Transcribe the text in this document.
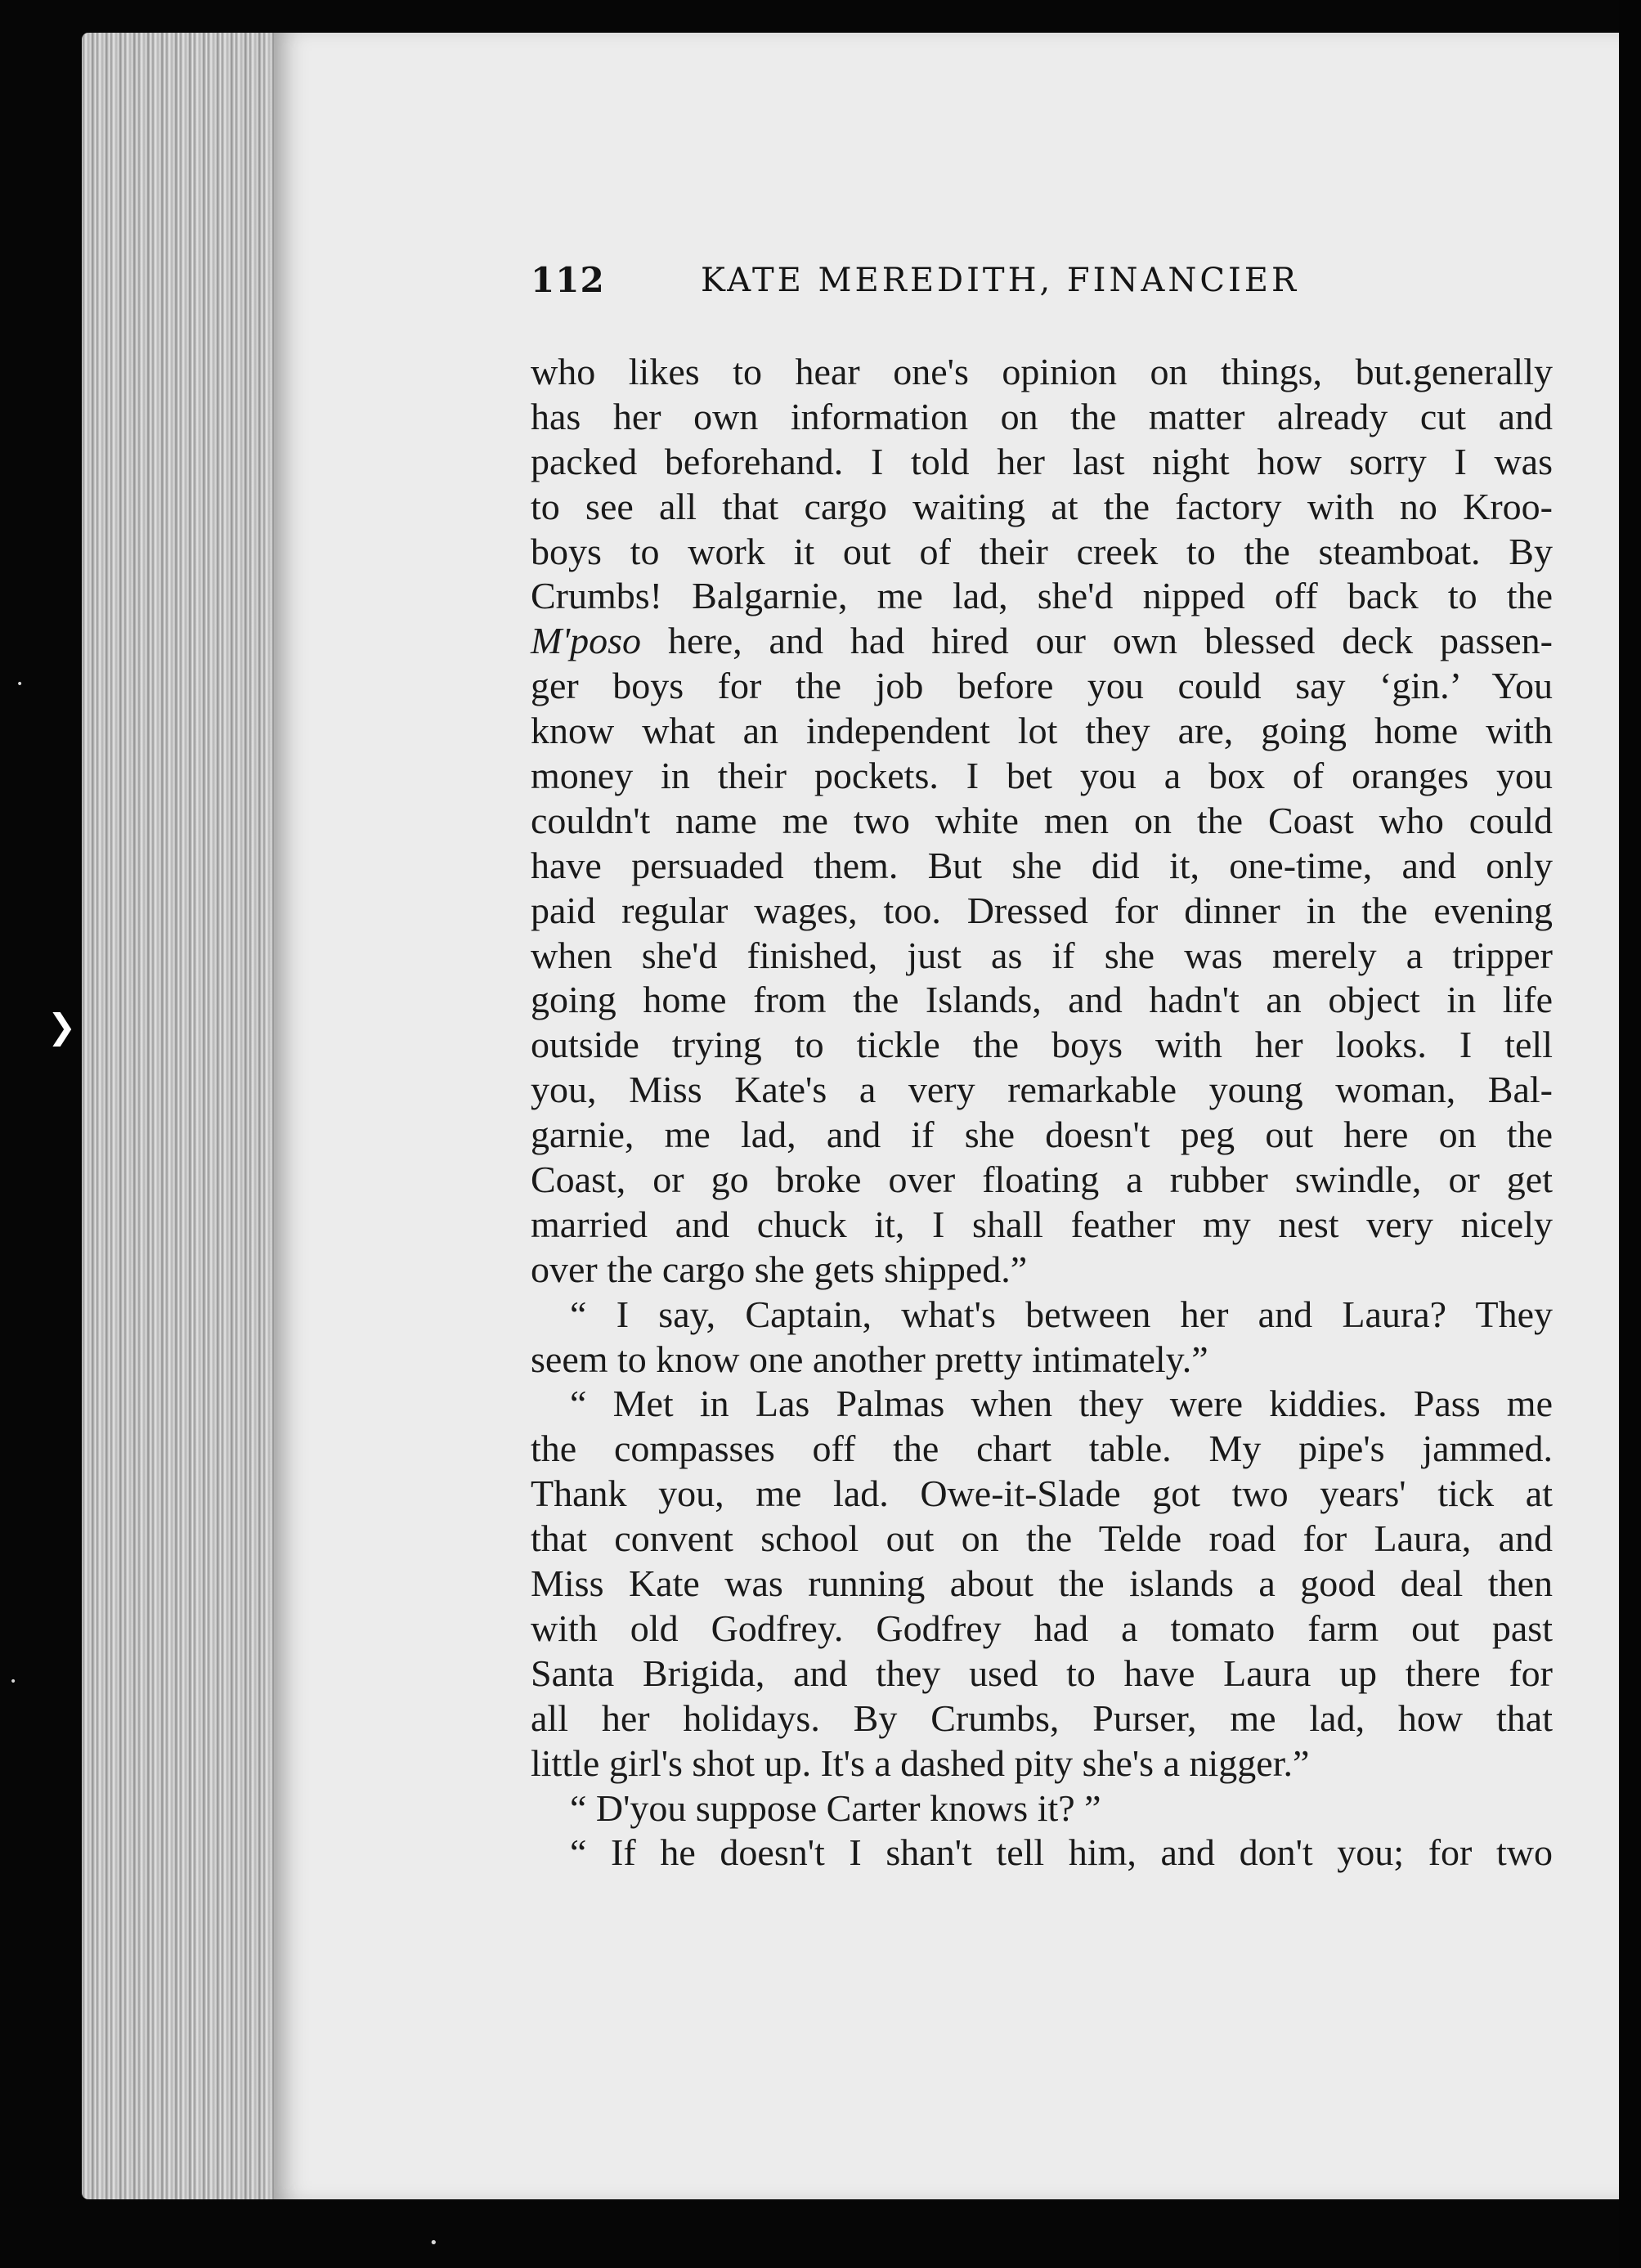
❯
•
•
•
112	KATE MEREDITH, FINANCIER
who likes to hear one's opinion on things, but.generally
has her own information on the matter already cut and
packed beforehand. I told her last night how sorry I was
to see all that cargo waiting at the factory with no Kroo-
boys to work it out of their creek to the steamboat. By
Crumbs! Balgarnie, me lad, she'd nipped off back to the
M'poso here, and had hired our own blessed deck passen-
ger boys for the job before you could say ‘gin.’ You
know what an independent lot they are, going home with
money in their pockets. I bet you a box of oranges you
couldn't name me two white men on the Coast who could
have persuaded them. But she did it, one-time, and only
paid regular wages, too. Dressed for dinner in the evening
when she'd finished, just as if she was merely a tripper
going home from the Islands, and hadn't an object in life
outside trying to tickle the boys with her looks. I tell
you, Miss Kate's a very remarkable young woman, Bal-
garnie, me lad, and if she doesn't peg out here on the
Coast, or go broke over floating a rubber swindle, or get
married and chuck it, I shall feather my nest very nicely
over the cargo she gets shipped.”
“ I say, Captain, what's between her and Laura? They
seem to know one another pretty intimately.”
“ Met in Las Palmas when they were kiddies. Pass me
the compasses off the chart table. My pipe's jammed.
Thank you, me lad. Owe-it-Slade got two years' tick at
that convent school out on the Telde road for Laura, and
Miss Kate was running about the islands a good deal then
with old Godfrey. Godfrey had a tomato farm out past
Santa Brigida, and they used to have Laura up there for
all her holidays. By Crumbs, Purser, me lad, how that
little girl's shot up. It's a dashed pity she's a nigger.”
“ D'you suppose Carter knows it? ”
“ If he doesn't I shan't tell him, and don't you; for two
